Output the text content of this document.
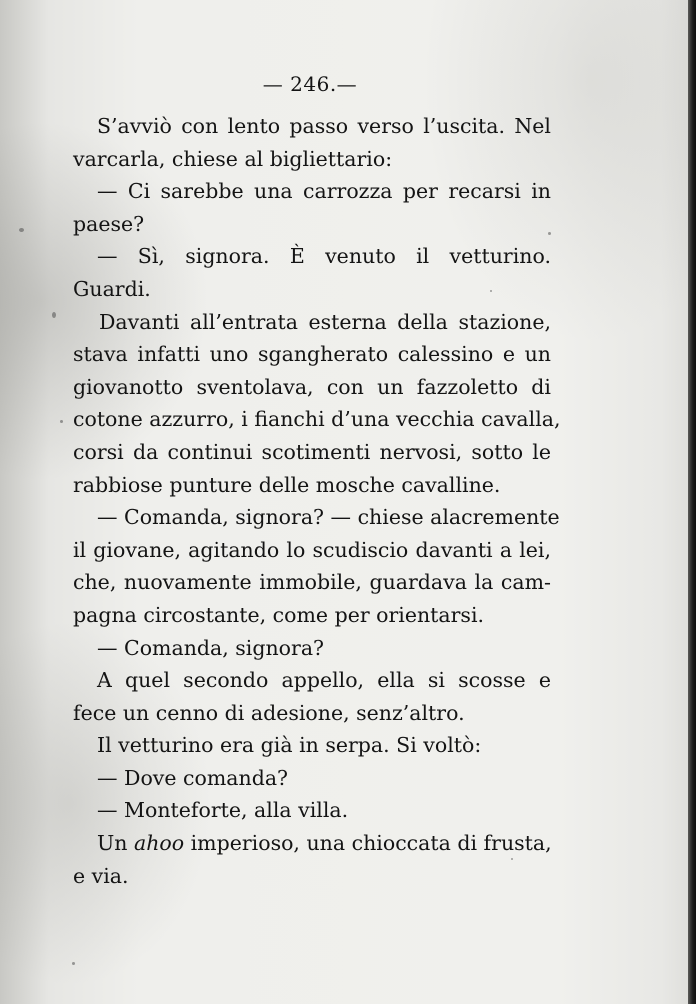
— 246.—
S’avviò con lento passo verso l’uscita. Nel
varcarla, chiese al bigliettario:
— Ci sarebbe una carrozza per recarsi in
paese?
— Sì, signora. È venuto il vetturino.
Guardi.
Davanti all’entrata esterna della stazione,
stava infatti uno sgangherato calessino e un
giovanotto sventolava, con un fazzoletto di
cotone azzurro, i fianchi d’una vecchia cavalla,
corsi da continui scotimenti nervosi, sotto le
rabbiose punture delle mosche cavalline.
— Comanda, signora? — chiese alacremente
il giovane, agitando lo scudiscio davanti a lei,
che, nuovamente immobile, guardava la cam-
pagna circostante, come per orientarsi.
— Comanda, signora?
A quel secondo appello, ella si scosse e
fece un cenno di adesione, senz’altro.
Il vetturino era già in serpa. Si voltò:
— Dove comanda?
— Monteforte, alla villa.
Un ahoo imperioso, una chioccata di frusta,
e via.
